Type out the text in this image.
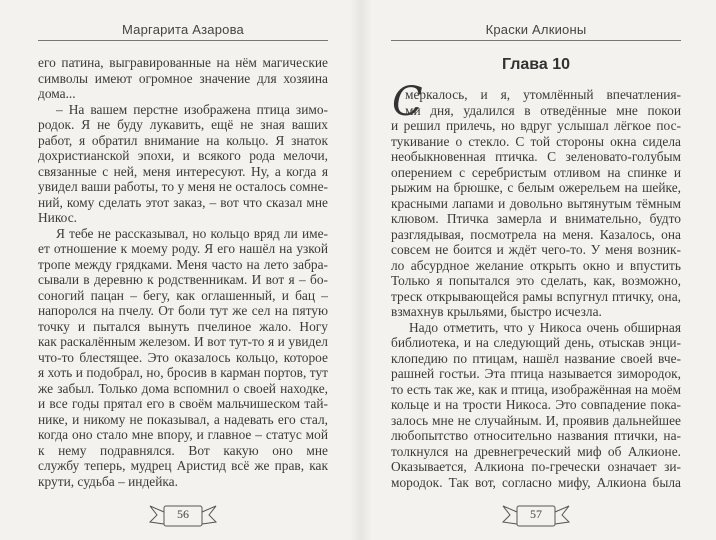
Маргарита Азарова
его патина, выгравированные на нём магические
символы имеют огромное значение для хозяина
дома...
– На вашем перстне изображена птица зимо-
родок. Я не буду лукавить, ещё не зная ваших
работ, я обратил внимание на кольцо. Я знаток
дохристианской эпохи, и всякого рода мелочи,
связанные с ней, меня интересуют. Ну, а когда я
увидел ваши работы, то у меня не осталось сомне-
ний, кому сделать этот заказ, – вот что сказал мне
Никос.
Я тебе не рассказывал, но кольцо вряд ли име-
ет отношение к моему роду. Я его нашёл на узкой
тропе между грядками. Меня часто на лето забра-
сывали в деревню к родственникам. И вот я – бо-
соногий пацан – бегу, как оглашенный, и бац –
напоролся на пчелу. От боли тут же сел на пятую
точку и пытался вынуть пчелиное жало. Ногу
как раскалённым железом. И вот тут-то я и увидел
что-то блестящее. Это оказалось кольцо, которое
я хоть и подобрал, но, бросив в карман портов, тут
же забыл. Только дома вспомнил о своей находке,
и все годы прятал его в своём мальчишеском тай-
нике, и никому не показывал, а надевать его стал,
когда оно стало мне впору, и главное – статус мой
к нему подравнялся. Вот какую оно мне
службу теперь, мудрец Аристид всё же прав, как
крути, судьба – индейка.
56
Краски Алкионы
Глава 10
С
меркалось, и я, утомлённый впечатления-
ми дня, удалился в отведённые мне покои
и решил прилечь, но вдруг услышал лёгкое пос-
тукивание о стекло. С той стороны окна сидела
необыкновенная птичка. С зеленовато-голубым
оперением с серебристым отливом на спинке и
рыжим на брюшке, с белым ожерельем на шейке,
красными лапами и довольно вытянутым тёмным
клювом. Птичка замерла и внимательно, будто
разглядывая, посмотрела на меня. Казалось, она
совсем не боится и ждёт чего-то. У меня возник-
ло абсурдное желание открыть окно и впустить
Только я попытался это сделать, как, возможно,
треск открывающейся рамы вспугнул птичку, она,
взмахнув крыльями, быстро исчезла.
Надо отметить, что у Никоса очень обширная
библиотека, и на следующий день, отыскав энци-
клопедию по птицам, нашёл название своей вче-
рашней гостьи. Эта птица называется зимородок,
то есть так же, как и птица, изображённая на моём
кольце и на трости Никоса. Это совпадение пока-
залось мне не случайным. И, проявив дальнейшее
любопытство относительно названия птички, на-
толкнулся на древнегреческий миф об Алкионе.
Оказывается, Алкиона по-гречески означает зи-
мородок. Так вот, согласно мифу, Алкиона была
57
